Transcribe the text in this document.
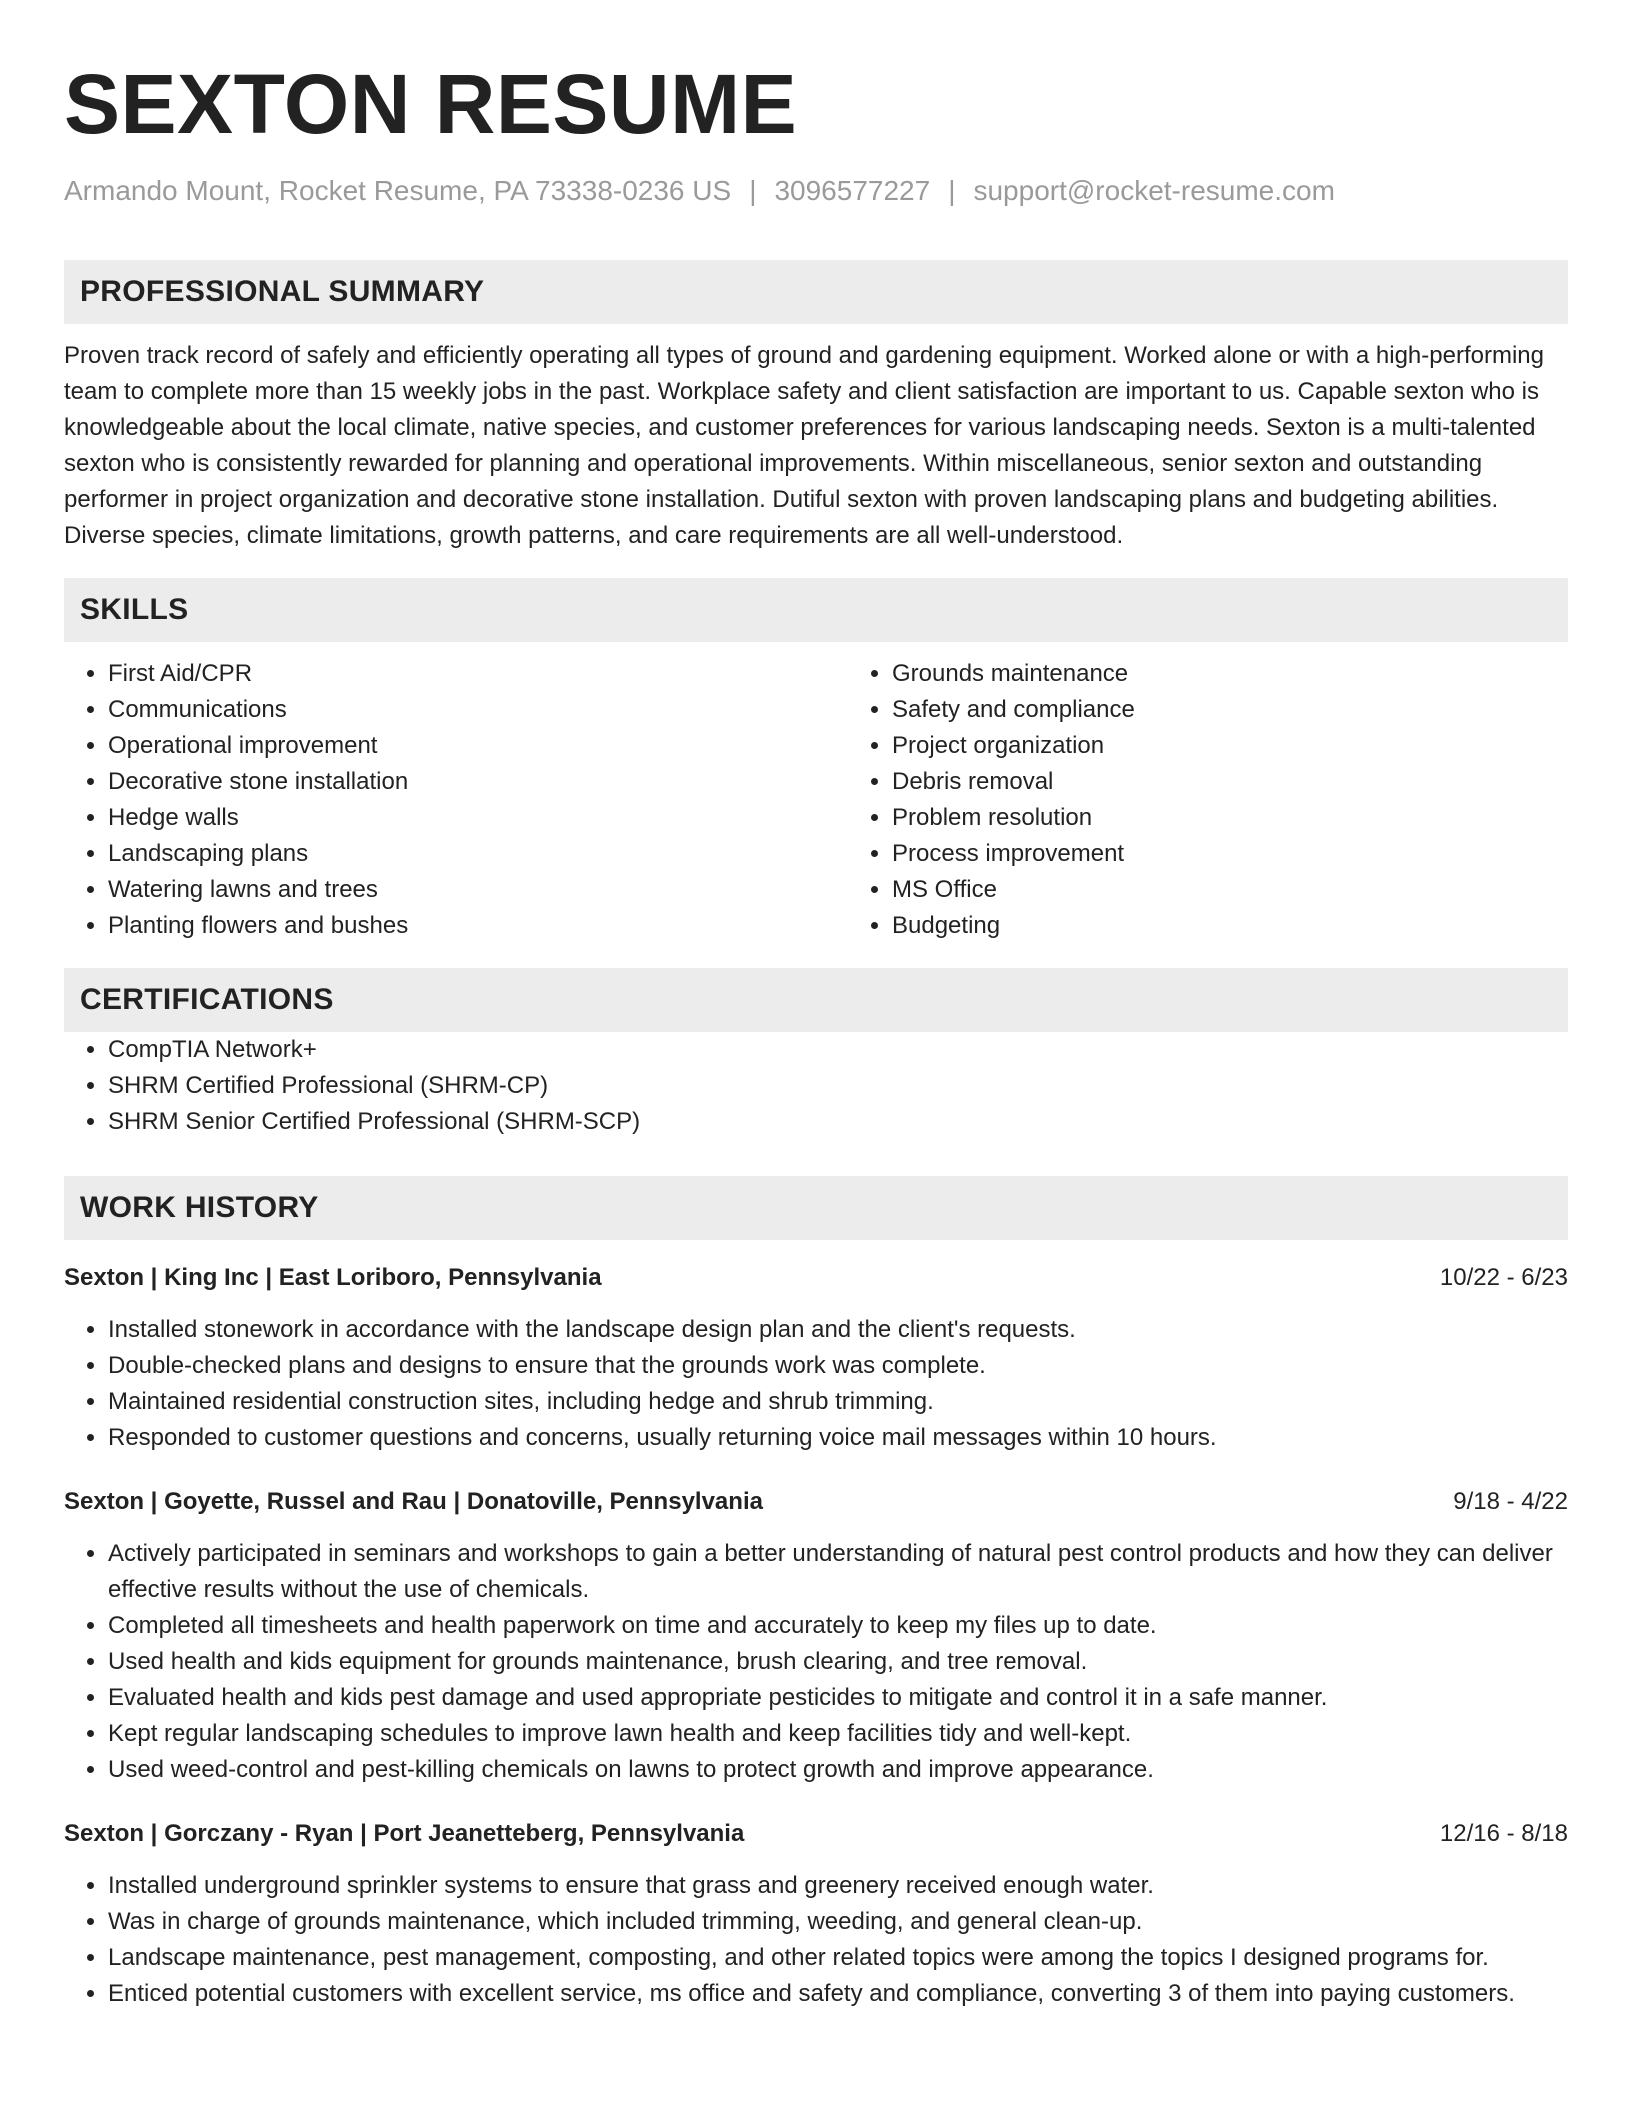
SEXTON RESUME
Armando Mount, Rocket Resume, PA 73338-0236 US | 3096577227 | support@rocket-resume.com
PROFESSIONAL SUMMARY

Proven track record of safely and efficiently operating all types of ground and gardening equipment. Worked alone or with a high-performing team to complete more than 15 weekly jobs in the past. Workplace safety and client satisfaction are important to us. Capable sexton who is knowledgeable about the local climate, native species, and customer preferences for various landscaping needs. Sexton is a multi-talented sexton who is consistently rewarded for planning and operational improvements. Within miscellaneous, senior sexton and outstanding performer in project organization and decorative stone installation. Dutiful sexton with proven landscaping plans and budgeting abilities. Diverse species, climate limitations, growth patterns, and care requirements are all well-understood.

SKILLS
• First Aid/CPR
• Communications
• Operational improvement
• Decorative stone installation
• Hedge walls
• Landscaping plans
• Watering lawns and trees
• Planting flowers and bushes
• Grounds maintenance
• Safety and compliance
• Project organization
• Debris removal
• Problem resolution
• Process improvement
• MS Office
• Budgeting
CERTIFICATIONS
• CompTIA Network+
• SHRM Certified Professional (SHRM-CP)
• SHRM Senior Certified Professional (SHRM-SCP)
WORK HISTORY
Sexton | King Inc | East Loriboro, Pennsylvania	10/22 - 6/23
• Installed stonework in accordance with the landscape design plan and the client's requests.
• Double-checked plans and designs to ensure that the grounds work was complete.
• Maintained residential construction sites, including hedge and shrub trimming.
• Responded to customer questions and concerns, usually returning voice mail messages within 10 hours.
Sexton | Goyette, Russel and Rau | Donatoville, Pennsylvania	9/18 - 4/22
• Actively participated in seminars and workshops to gain a better understanding of natural pest control products and how they can deliver effective results without the use of chemicals.
• Completed all timesheets and health paperwork on time and accurately to keep my files up to date.
• Used health and kids equipment for grounds maintenance, brush clearing, and tree removal.
• Evaluated health and kids pest damage and used appropriate pesticides to mitigate and control it in a safe manner.
• Kept regular landscaping schedules to improve lawn health and keep facilities tidy and well-kept.
• Used weed-control and pest-killing chemicals on lawns to protect growth and improve appearance.
Sexton | Gorczany - Ryan | Port Jeanetteberg, Pennsylvania	12/16 - 8/18
• Installed underground sprinkler systems to ensure that grass and greenery received enough water.
• Was in charge of grounds maintenance, which included trimming, weeding, and general clean-up.
• Landscape maintenance, pest management, composting, and other related topics were among the topics I designed programs for.
• Enticed potential customers with excellent service, ms office and safety and compliance, converting 3 of them into paying customers.
